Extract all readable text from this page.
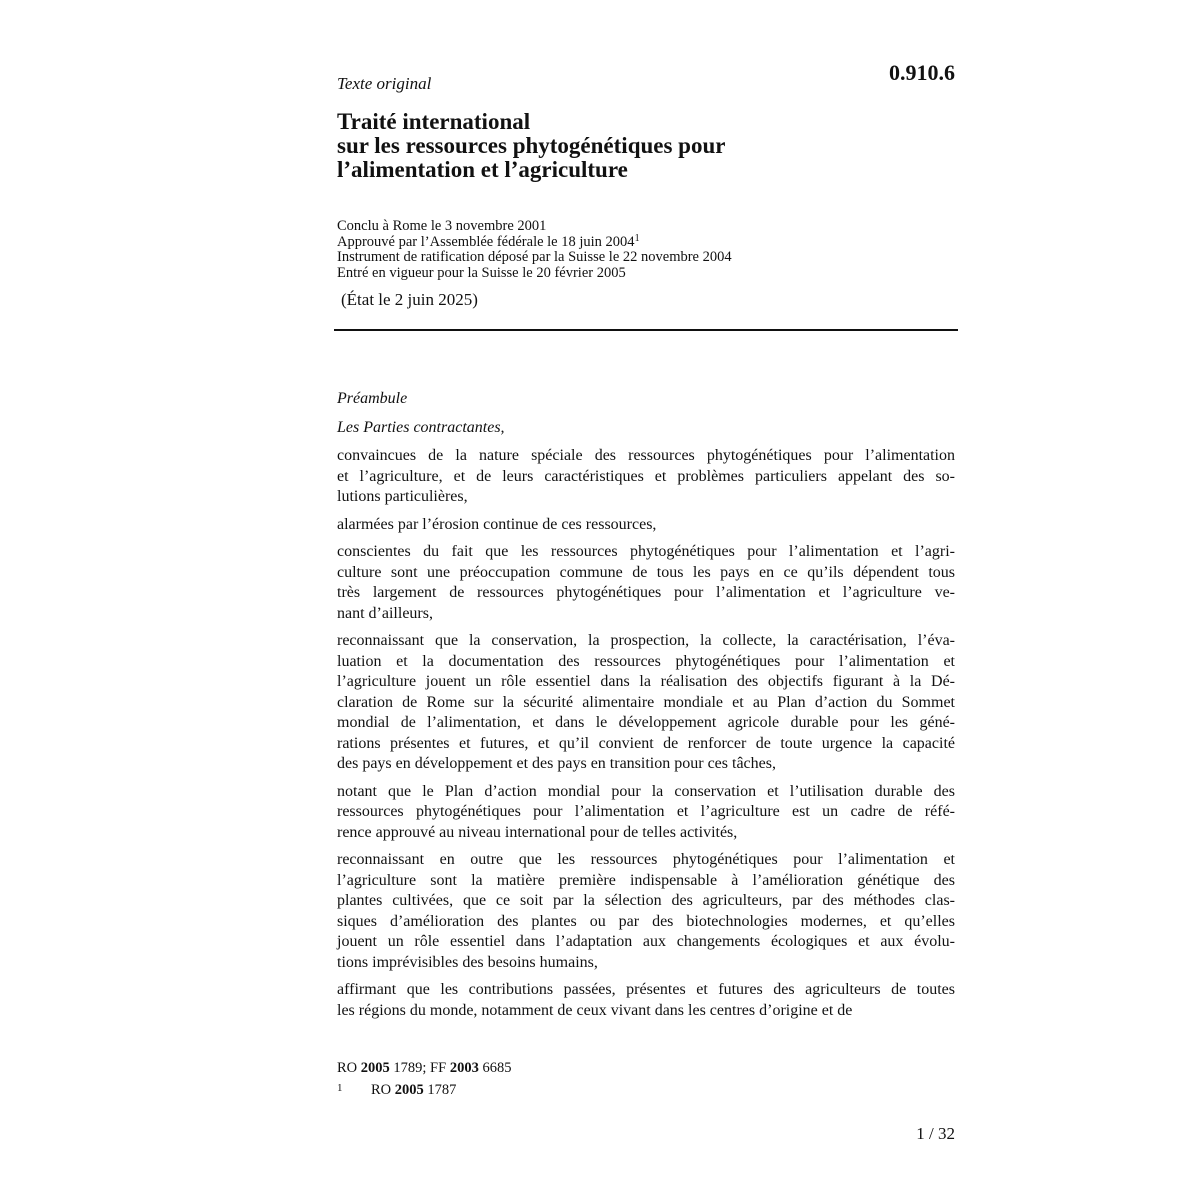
Texte original	0.910.6

Traité international
sur les ressources phytogénétiques pour
l’alimentation et l’agriculture
Conclu à Rome le 3 novembre 2001
Approuvé par l’Assemblée fédérale le 18 juin 2004$^1$
Instrument de ratification déposé par la Suisse le 22 novembre 2004
Entré en vigueur pour la Suisse le 20 février 2005

(État le 2 juin 2025)

Préambule

Les Parties contractantes,

convaincues de la nature spéciale des ressources phytogénétiques pour l’alimentation
et l’agriculture, et de leurs caractéristiques et problèmes particuliers appelant des so-
lutions particulières,

alarmées par l’érosion continue de ces ressources,

conscientes du fait que les ressources phytogénétiques pour l’alimentation et l’agri-
culture sont une préoccupation commune de tous les pays en ce qu’ils dépendent tous
très largement de ressources phytogénétiques pour l’alimentation et l’agriculture ve-
nant d’ailleurs,

reconnaissant que la conservation, la prospection, la collecte, la caractérisation, l’éva-
luation et la documentation des ressources phytogénétiques pour l’alimentation et
l’agriculture jouent un rôle essentiel dans la réalisation des objectifs figurant à la Dé-
claration de Rome sur la sécurité alimentaire mondiale et au Plan d’action du Sommet
mondial de l’alimentation, et dans le développement agricole durable pour les géné-
rations présentes et futures, et qu’il convient de renforcer de toute urgence la capacité
des pays en développement et des pays en transition pour ces tâches,

notant que le Plan d’action mondial pour la conservation et l’utilisation durable des
ressources phytogénétiques pour l’alimentation et l’agriculture est un cadre de réfé-
rence approuvé au niveau international pour de telles activités,

reconnaissant en outre que les ressources phytogénétiques pour l’alimentation et
l’agriculture sont la matière première indispensable à l’amélioration génétique des
plantes cultivées, que ce soit par la sélection des agriculteurs, par des méthodes clas-
siques d’amélioration des plantes ou par des biotechnologies modernes, et qu’elles
jouent un rôle essentiel dans l’adaptation aux changements écologiques et aux évolu-
tions imprévisibles des besoins humains,

affirmant que les contributions passées, présentes et futures des agriculteurs de toutes
les régions du monde, notamment de ceux vivant dans les centres d’origine et de

RO 2005 1789; FF 2003 6685
1 RO 2005 1787

1 / 32
